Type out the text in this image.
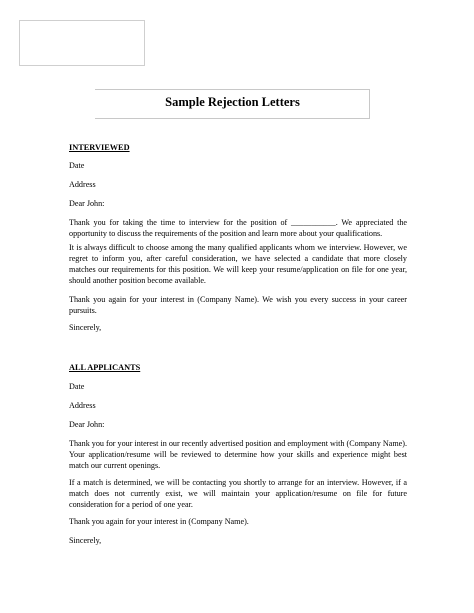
Sample Rejection Letters
INTERVIEWED
Date
Address
Dear John:
Thank you for taking the time to interview for the position of ___________. We appreciated the opportunity to discuss the requirements of the position and learn more about your qualifications.
It is always difficult to choose among the many qualified applicants whom we interview. However, we regret to inform you, after careful consideration, we have selected a candidate that more closely matches our requirements for this position. We will keep your resume/application on file for one year, should another position become available.
Thank you again for your interest in (Company Name). We wish you every success in your career pursuits.
Sincerely,
ALL APPLICANTS
Date
Address
Dear John:
Thank you for your interest in our recently advertised position and employment with (Company Name). Your application/resume will be reviewed to determine how your skills and experience might best match our current openings.
If a match is determined, we will be contacting you shortly to arrange for an interview. However, if a match does not currently exist, we will maintain your application/resume on file for future consideration for a period of one year.
Thank you again for your interest in (Company Name).
Sincerely,
